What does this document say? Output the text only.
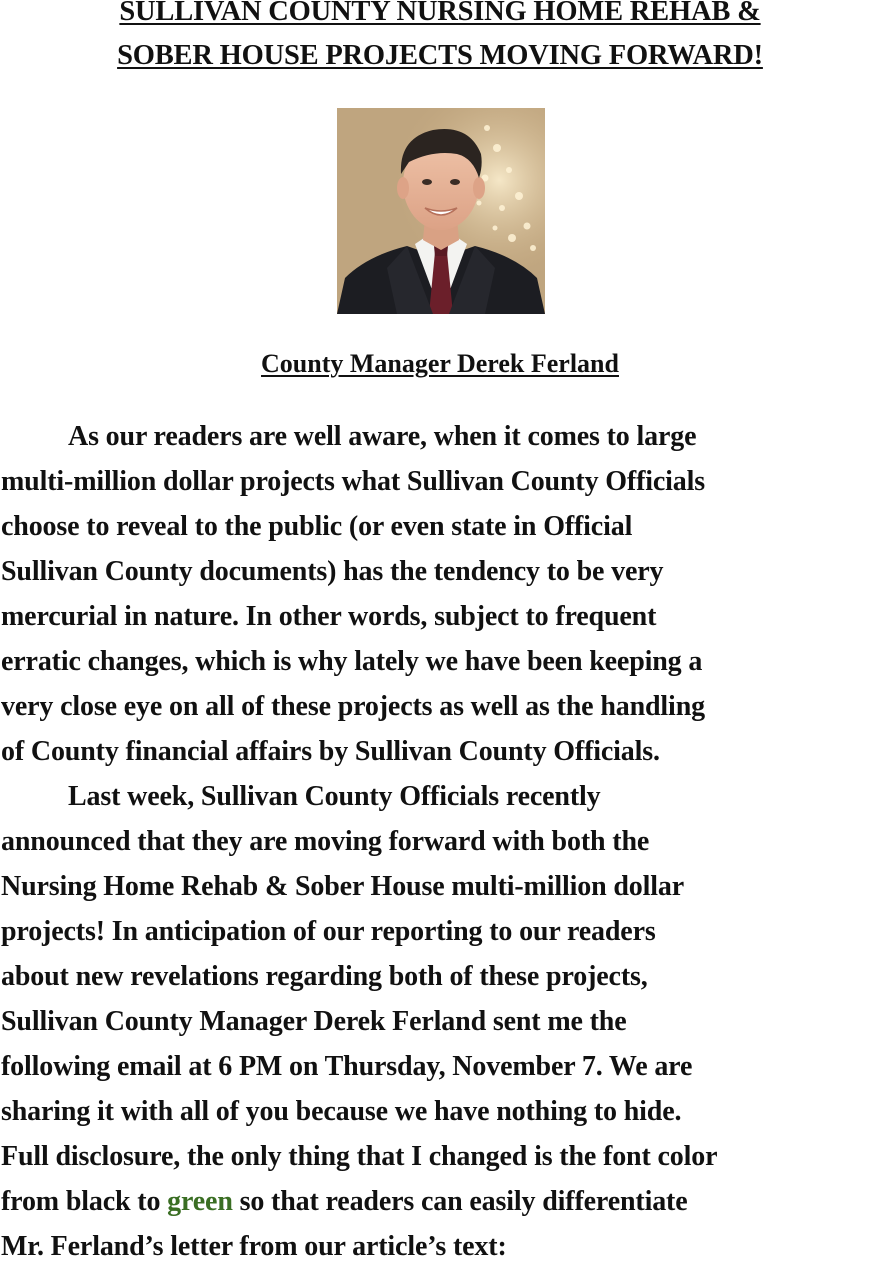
SULLIVAN COUNTY NURSING HOME REHAB &
SOBER HOUSE PROJECTS MOVING FORWARD!
County Manager Derek Ferland
As our readers are well aware, when it comes to large
multi-million dollar projects what Sullivan County Officials
choose to reveal to the public (or even state in Official
Sullivan County documents) has the tendency to be very
mercurial in nature. In other words, subject to frequent
erratic changes, which is why lately we have been keeping a
very close eye on all of these projects as well as the handling
of County financial affairs by Sullivan County Officials.
Last week, Sullivan County Officials recently
announced that they are moving forward with both the
Nursing Home Rehab & Sober House multi-million dollar
projects! In anticipation of our reporting to our readers
about new revelations regarding both of these projects,
Sullivan County Manager Derek Ferland sent me the
following email at 6 PM on Thursday, November 7. We are
sharing it with all of you because we have nothing to hide.
Full disclosure, the only thing that I changed is the font color
from black to green so that readers can easily differentiate
Mr. Ferland’s letter from our article’s text:
